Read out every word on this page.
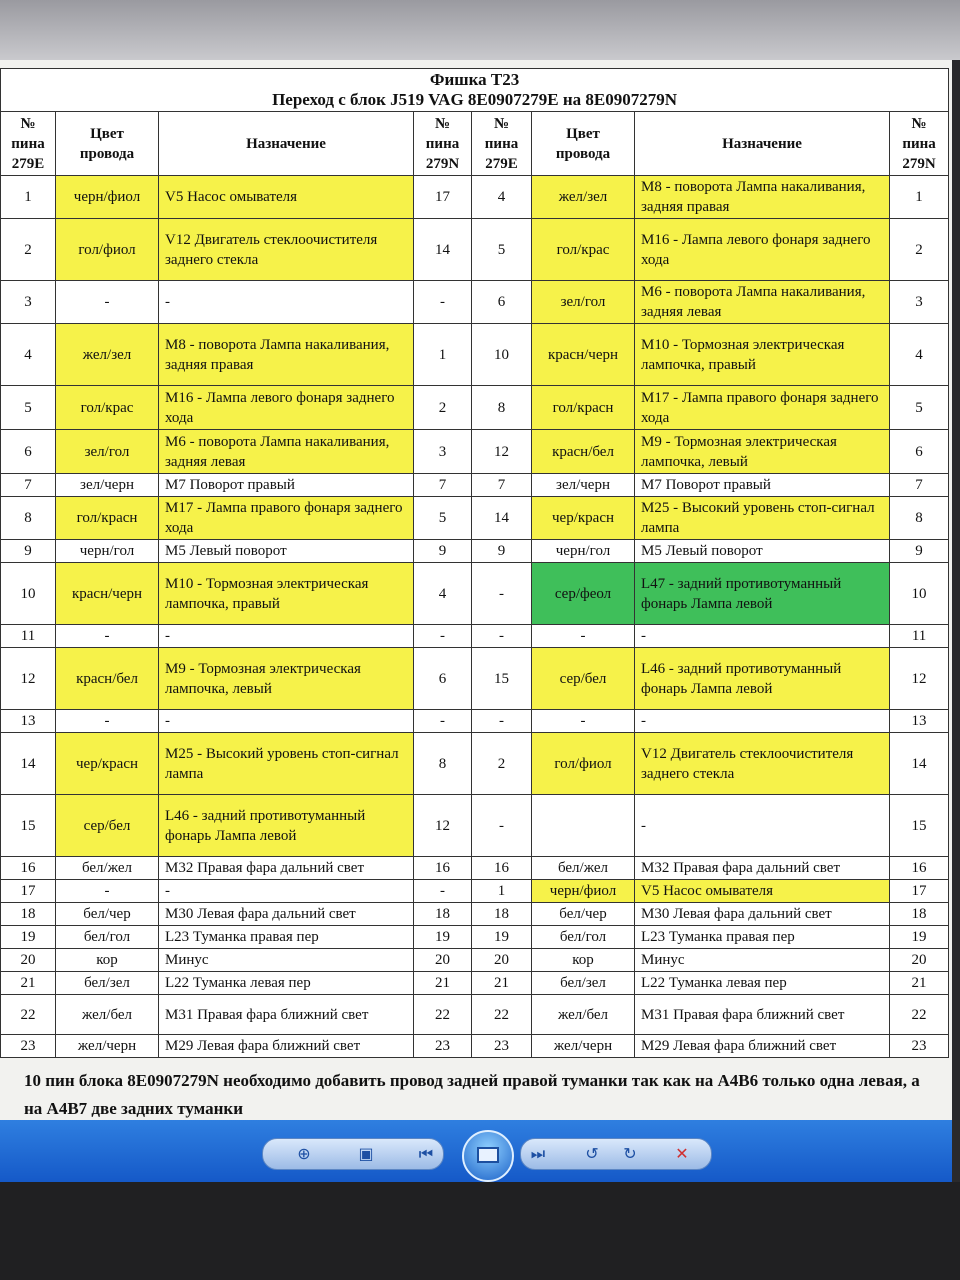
Фишка Т23
Переход с блок J519 VAG 8E0907279E на 8E0907279N							

№ пина 279E	Цвет провода	Назначение	№ пина 279N	№ пина 279E	Цвет провода	Назначение	№ пина 279N
1	черн/фиол	V5 Насос омывателя	17	4	жел/зел	M8 - поворота Лампа накаливания, задняя правая	1
2	гол/фиол	V12 Двигатель стеклоочистителя заднего стекла	14	5	гол/крас	M16 - Лампа левого фонаря заднего хода	2
3	-	-	-	6	зел/гол	M6 - поворота Лампа накаливания, задняя левая	3
4	жел/зел	M8 - поворота Лампа накаливания, задняя правая	1	10	красн/черн	M10 - Тормозная электрическая лампочка, правый	4
5	гол/крас	M16 - Лампа левого фонаря заднего хода	2	8	гол/красн	M17 - Лампа правого фонаря заднего хода	5
6	зел/гол	M6 - поворота Лампа накаливания, задняя левая	3	12	красн/бел	M9 - Тормозная электрическая лампочка, левый	6
7	зел/черн	M7 Поворот правый	7	7	зел/черн	M7 Поворот правый	7
8	гол/красн	M17 - Лампа правого фонаря заднего хода	5	14	чер/красн	M25 - Высокий уровень стоп-сигнал лампа	8
9	черн/гол	M5 Левый поворот	9	9	черн/гол	M5 Левый поворот	9
10	красн/черн	M10 - Тормозная электрическая лампочка, правый	4	-	сер/феол	L47 - задний противотуманный фонарь Лампа левой	10
11	-	-	-	-	-	-	11
12	красн/бел	M9 - Тормозная электрическая лампочка, левый	6	15	сер/бел	L46 - задний противотуманный фонарь Лампа левой	12
13	-	-	-	-	-	-	13
14	чер/красн	M25 - Высокий уровень стоп-сигнал лампа	8	2	гол/фиол	V12 Двигатель стеклоочистителя заднего стекла	14
15	сер/бел	L46 - задний противотуманный фонарь Лампа левой	12	-		-	15
16	бел/жел	M32 Правая фара дальний свет	16	16	бел/жел	M32 Правая фара дальний свет	16
17	-	-	-	1	черн/фиол	V5 Насос омывателя	17
18	бел/чер	M30 Левая фара дальний свет	18	18	бел/чер	M30 Левая фара дальний свет	18
19	бел/гол	L23 Туманка правая пер	19	19	бел/гол	L23 Туманка правая пер	19
20	кор	Минус	20	20	кор	Минус	20
21	бел/зел	L22 Туманка левая пер	21	21	бел/зел	L22 Туманка левая пер	21
22	жел/бел	M31 Правая фара ближний свет	22	22	жел/бел	M31 Правая фара ближний свет	22
23	жел/черн	M29 Левая фара ближний свет	23	23	жел/черн	M29 Левая фара ближний свет	23
10 пин блока 8E0907279N необходимо добавить провод задней правой туманки так как на А4В6 только одна левая, а на А4В7 две задних туманки
⊕	▣	⏮	⏭	↺ ↻ ✕
